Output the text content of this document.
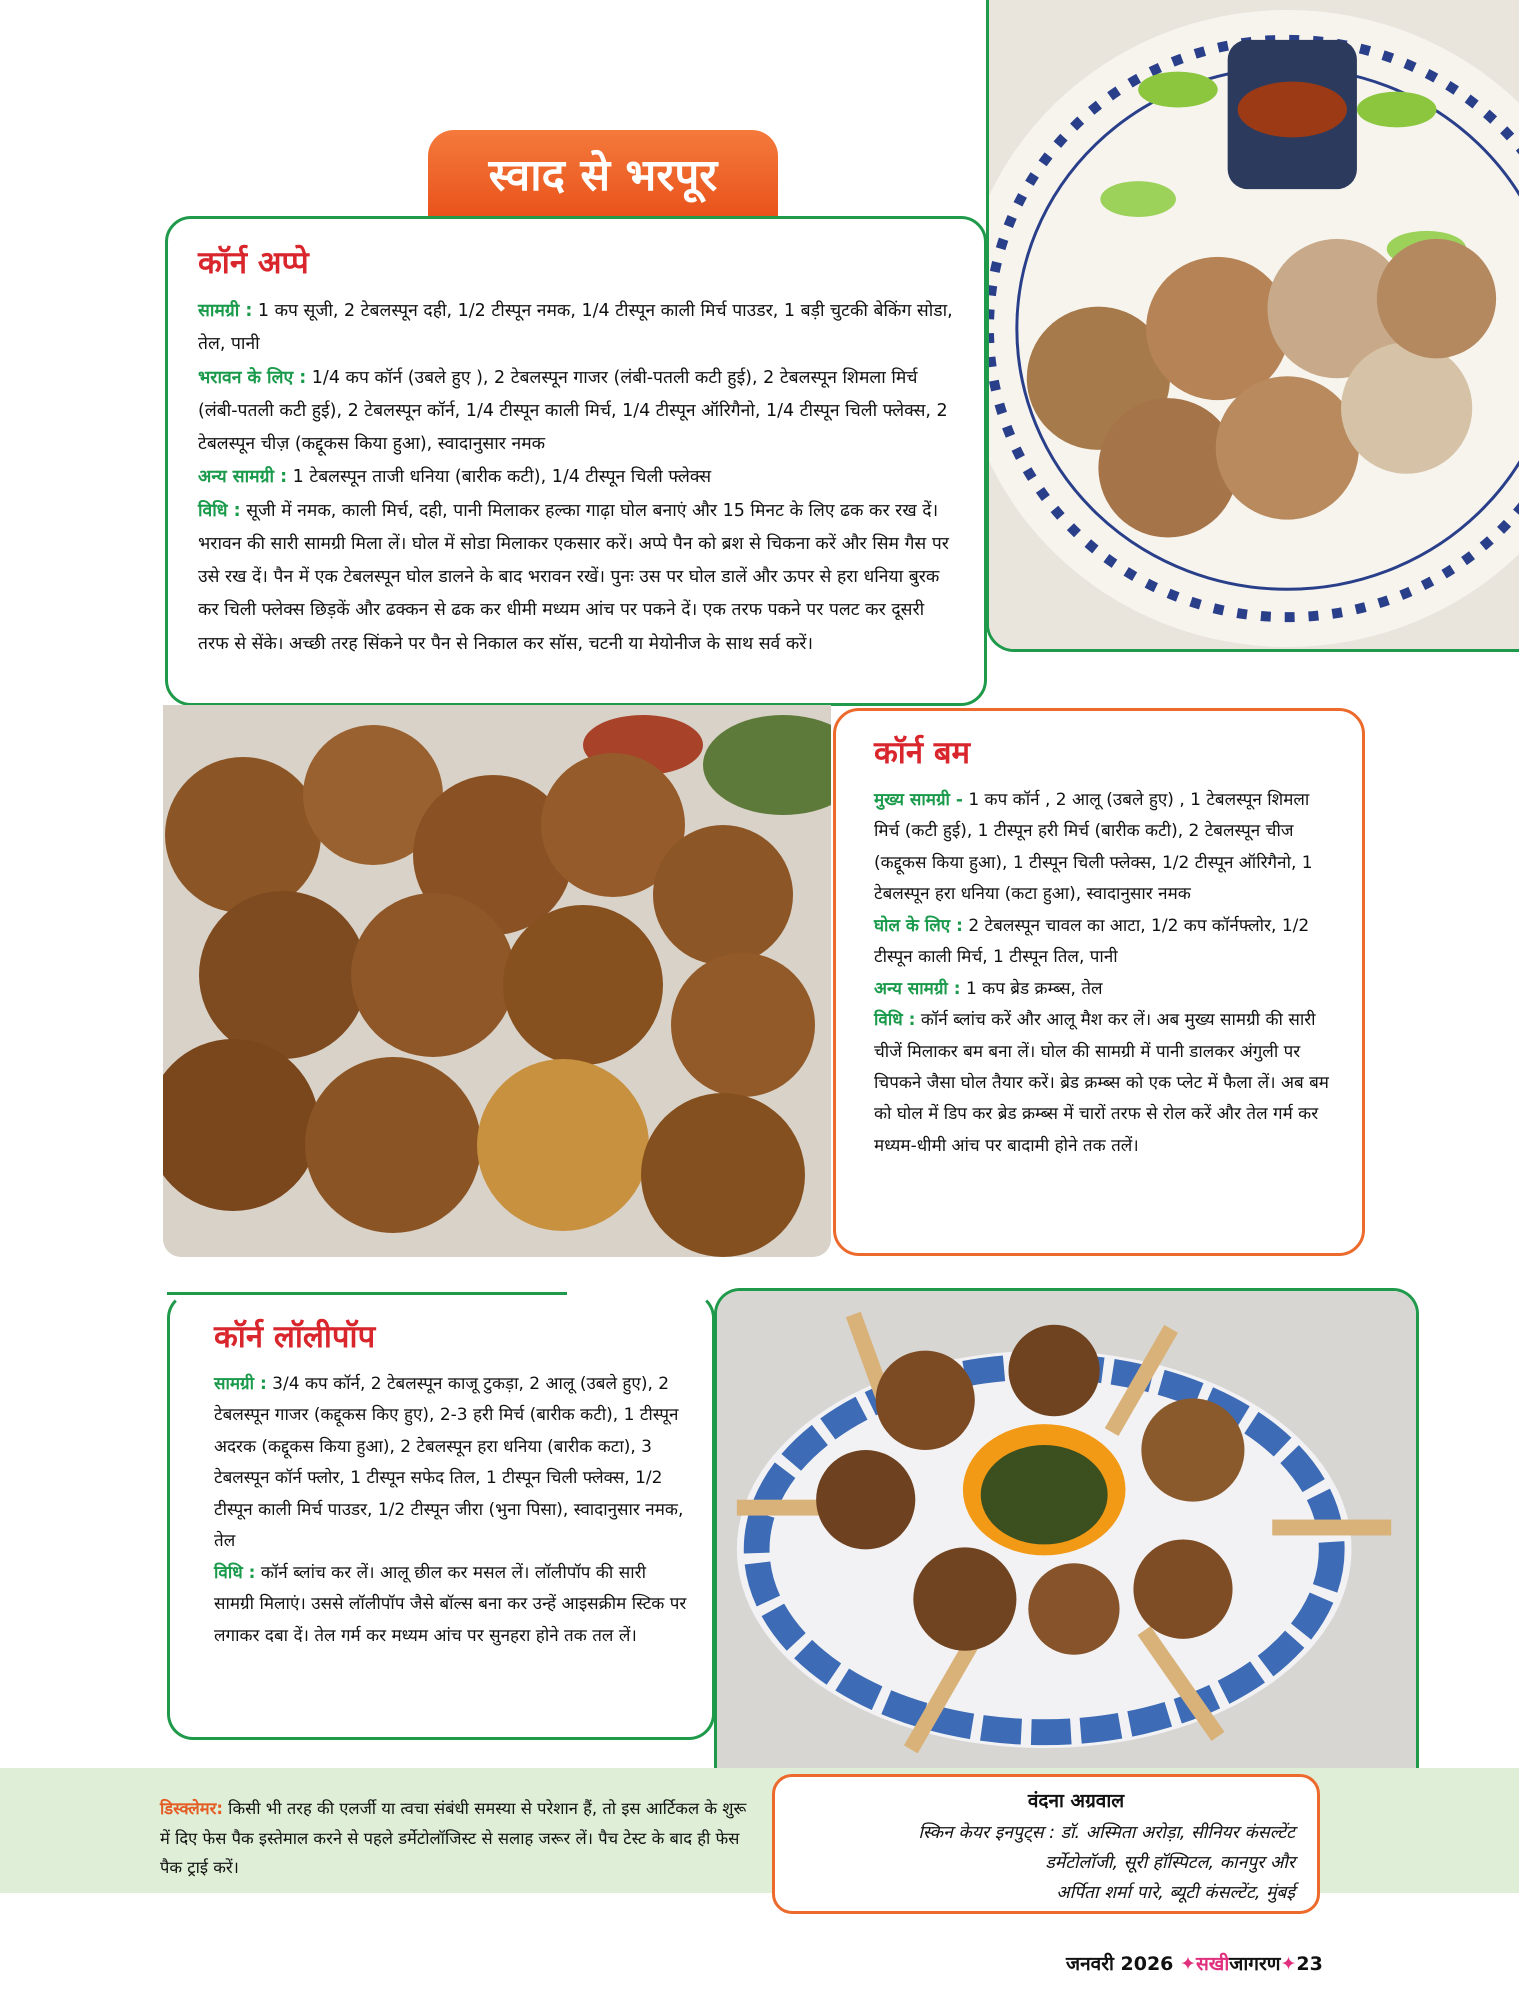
स्वाद से भरपूर
कॉर्न अप्पे

सामग्री : 1 कप सूजी, 2 टेबलस्पून दही, 1/2 टीस्पून नमक, 1/4 टीस्पून काली मिर्च पाउडर, 1 बड़ी चुटकी बेकिंग सोडा, तेल, पानी
भरावन के लिए : 1/4 कप कॉर्न (उबले हुए ), 2 टेबलस्पून गाजर (लंबी-पतली कटी हुई), 2 टेबलस्पून शिमला मिर्च (लंबी-पतली कटी हुई), 2 टेबलस्पून कॉर्न, 1/4 टीस्पून काली मिर्च, 1/4 टीस्पून ऑरिगैनो, 1/4 टीस्पून चिली फ्लेक्स, 2 टेबलस्पून चीज़ (कद्दूकस किया हुआ), स्वादानुसार नमक
अन्य सामग्री : 1 टेबलस्पून ताजी धनिया (बारीक कटी), 1/4 टीस्पून चिली फ्लेक्स
विधि : सूजी में नमक, काली मिर्च, दही, पानी मिलाकर हल्का गाढ़ा घोल बनाएं और 15 मिनट के लिए ढक कर रख दें। भरावन की सारी सामग्री मिला लें। घोल में सोडा मिलाकर एकसार करें। अप्पे पैन को ब्रश से चिकना करें और सिम गैस पर उसे रख दें। पैन में एक टेबलस्पून घोल डालने के बाद भरावन रखें। पुनः उस पर घोल डालें और ऊपर से हरा धनिया बुरक कर चिली फ्लेक्स छिड़कें और ढक्कन से ढक कर धीमी मध्यम आंच पर पकने दें। एक तरफ पकने पर पलट कर दूसरी तरफ से सेंके। अच्छी तरह सिंकने पर पैन से निकाल कर सॉस, चटनी या मेयोनीज के साथ सर्व करें।

कॉर्न बम

मुख्य सामग्री - 1 कप कॉर्न , 2 आलू (उबले हुए) , 1 टेबलस्पून शिमला मिर्च (कटी हुई), 1 टीस्पून हरी मिर्च (बारीक कटी), 2 टेबलस्पून चीज (कद्दूकस किया हुआ), 1 टीस्पून चिली फ्लेक्स, 1/2 टीस्पून ऑरिगैनो, 1 टेबलस्पून हरा धनिया (कटा हुआ), स्वादानुसार नमक
घोल के लिए : 2 टेबलस्पून चावल का आटा, 1/2 कप कॉर्नफ्लोर, 1/2 टीस्पून काली मिर्च, 1 टीस्पून तिल, पानी
अन्य सामग्री : 1 कप ब्रेड क्रम्ब्स, तेल
विधि : कॉर्न ब्लांच करें और आलू मैश कर लें। अब मुख्य सामग्री की सारी चीजें मिलाकर बम बना लें। घोल की सामग्री में पानी डालकर अंगुली पर चिपकने जैसा घोल तैयार करें। ब्रेड क्रम्ब्स को एक प्लेट में फैला लें। अब बम को घोल में डिप कर ब्रेड क्रम्ब्स में चारों तरफ से रोल करें और तेल गर्म कर मध्यम-धीमी आंच पर बादामी होने तक तलें।

कॉर्न लॉलीपॉप

सामग्री : 3/4 कप कॉर्न, 2 टेबलस्पून काजू टुकड़ा, 2 आलू (उबले हुए), 2 टेबलस्पून गाजर (कद्दूकस किए हुए), 2-3 हरी मिर्च (बारीक कटी), 1 टीस्पून अदरक (कद्दूकस किया हुआ), 2 टेबलस्पून हरा धनिया (बारीक कटा), 3 टेबलस्पून कॉर्न फ्लोर, 1 टीस्पून सफेद तिल, 1 टीस्पून चिली फ्लेक्स, 1/2 टीस्पून काली मिर्च पाउडर, 1/2 टीस्पून जीरा (भुना पिसा), स्वादानुसार नमक, तेल
विधि : कॉर्न ब्लांच कर लें। आलू छील कर मसल लें। लॉलीपॉप की सारी सामग्री मिलाएं। उससे लॉलीपॉप जैसे बॉल्स बना कर उन्हें आइसक्रीम स्टिक पर लगाकर दबा दें। तेल गर्म कर मध्यम आंच पर सुनहरा होने तक तल लें।

डिस्क्लेमर: किसी भी तरह की एलर्जी या त्वचा संबंधी समस्या से परेशान हैं, तो इस आर्टिकल के शुरू में दिए फेस पैक इस्तेमाल करने से पहले डर्मेटोलॉजिस्ट से सलाह जरूर लें। पैच टेस्ट के बाद ही फेस पैक ट्राई करें।

वंदना अग्रवाल

स्किन केयर इनपुट्स : डॉ. अस्मिता अरोड़ा, सीनियर कंसल्टेंट

डर्मेटोलॉजी, सूरी हॉस्पिटल, कानपुर और

अर्पिता शर्मा पारे, ब्यूटी कंसल्टेंट, मुंबई

जनवरी 2026 ✦सखीजागरण✦23
